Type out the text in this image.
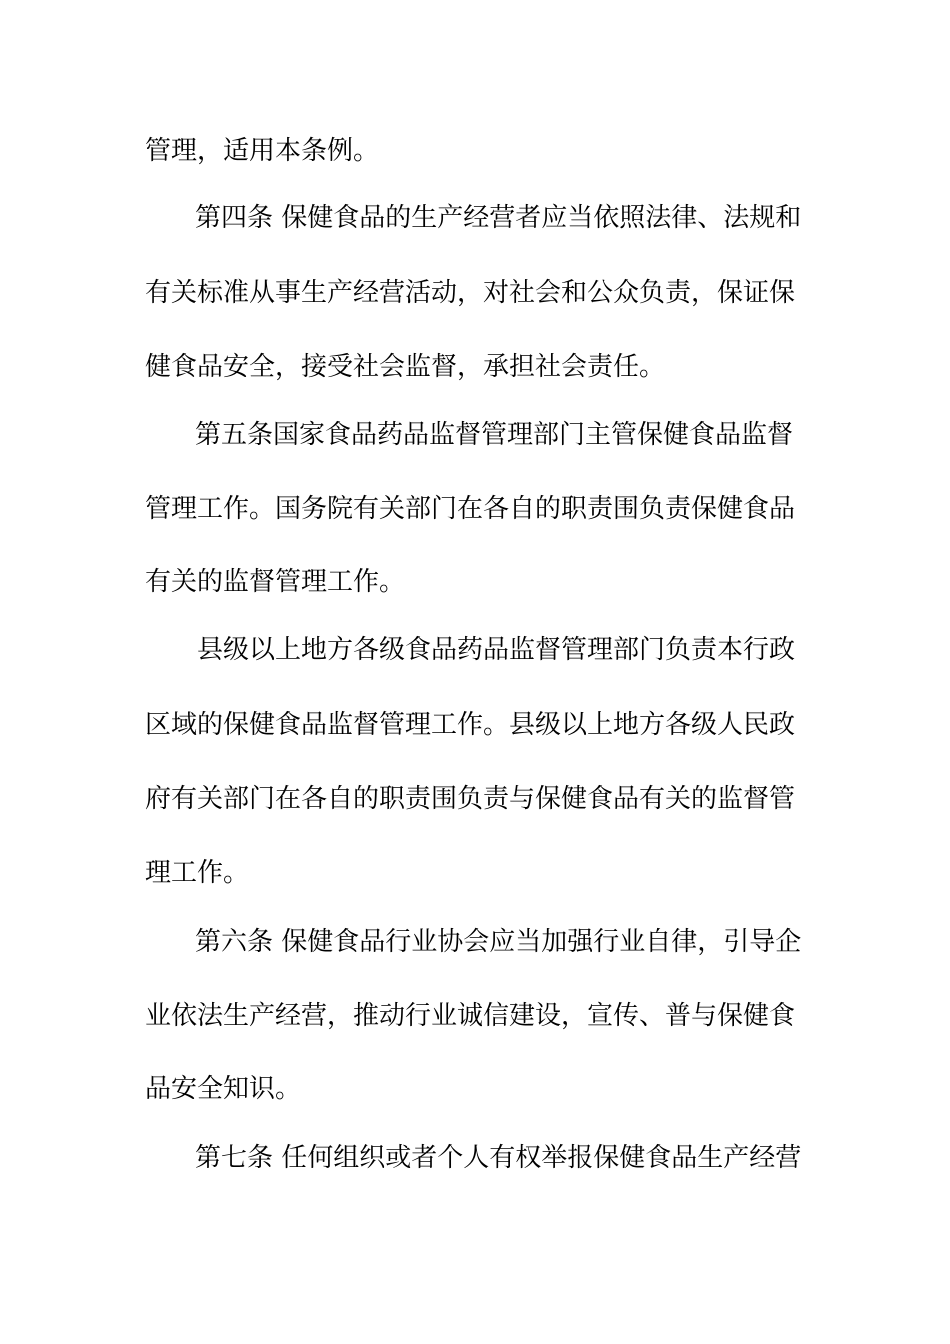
管理，适用本条例。
第四条 保健食品的生产经营者应当依照法律、法规和
有关标准从事生产经营活动，对社会和公众负责，保证保
健食品安全，接受社会监督，承担社会责任。
第五条国家食品药品监督管理部门主管保健食品监督
管理工作。国务院有关部门在各自的职责围负责保健食品
有关的监督管理工作。
县级以上地方各级食品药品监督管理部门负责本行政
区域的保健食品监督管理工作。县级以上地方各级人民政
府有关部门在各自的职责围负责与保健食品有关的监督管
理工作。
第六条 保健食品行业协会应当加强行业自律，引导企
业依法生产经营，推动行业诚信建设，宣传、普与保健食
品安全知识。
第七条 任何组织或者个人有权举报保健食品生产经营
